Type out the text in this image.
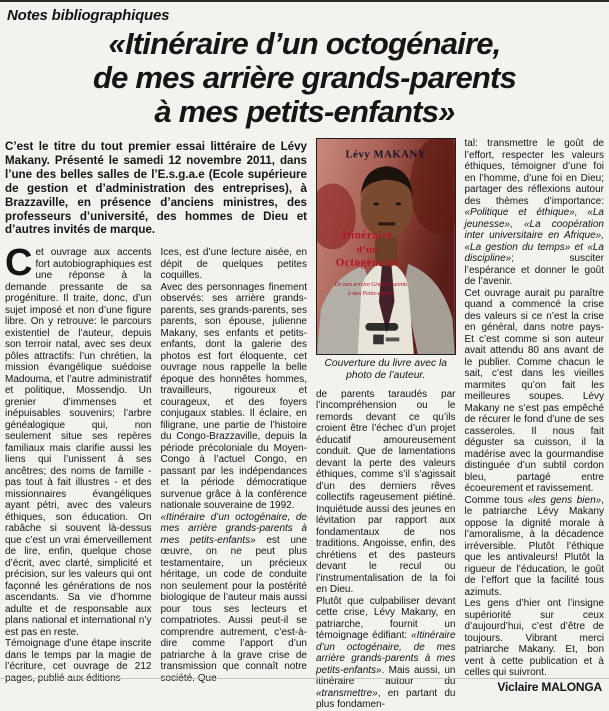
Notes bibliographiques
«Itinéraire d’un octogénaire,
de mes arrière grands-parents
à mes petits-enfants»
C’est le titre du tout premier essai littéraire de Lévy Makany. Présenté le samedi 12 novembre 2011, dans l’une des belles salles de l’E.s.g.a.e (Ecole supérieure de gestion et d’administration des entreprises), à Brazzaville, en présence d’anciens ministres, des professeurs d’université, des hommes de Dieu et d’autres invités de marque.

Cet ouvrage aux accents fort autobiographiques est une réponse à la demande pressante de sa progéniture. Il traite, donc, d’un sujet imposé et non d’une figure libre. On y retrouve: le parcours existentiel de l’auteur, depuis son terroir natal, avec ses deux pôles attractifs: l’un chrétien, la mission évangélique suédoise Madouma, et l’autre administratif et politique, Mossendjo. Un grenier d’immenses et inépuisables souvenirs; l’arbre généalogique qui, non seulement situe ses repères familiaux mais clarifie aussi les liens qui l’unissent à ses ancêtres; des noms de famille - pas tout à fait illustres - et des missionnaires évangéliques ayant pétri, avec des valeurs éthiques, son éducation. On rabâche si souvent là-dessus que c’est un vrai émerveillement de lire, enfin, quelque chose d’écrit, avec clarté, simplicité et précision, sur les valeurs qui ont façonné les générations de nos ascendants. Sa vie d’homme adulte et de responsable aux plans national et international n’y est pas en reste.

Témoignage d’une étape inscrite dans le temps par la magie de l’écriture, cet ouvrage de 212 pages, publié aux éditions

Ices, est d’une lecture aisée, en dépit de quelques petites coquilles.

Avec des personnages finement observés: ses arrière grands-parents, ses grands-parents, ses parents, son épouse, julienne Makany, ses enfants et petits-enfants, dont la galerie des photos est fort éloquente, cet ouvrage nous rappelle la belle époque des honnêtes hommes, travailleurs, rigoureux et courageux, et des foyers conjugaux stables. Il éclaire, en filigrane, une partie de l’histoire du Congo-Brazzaville, depuis la période précoloniale du Moyen-Congo à l’actuel Congo, en passant par les indépendances et la période démocratique survenue grâce à la conférence nationale souveraine de 1992.

«Itinéraire d’un octogénaire, de mes arrière grands-parents à mes petits-enfants» est une œuvre, on ne peut plus testamentaire, un précieux héritage, un code de conduite non seulement pour la postérité biologique de l’auteur mais aussi pour tous ses lecteurs et compatriotes. Aussi peut-il se comprendre autrement, c’est-à-dire comme l’apport d’un patriarche à la grave crise de transmission que connaît notre société. Que

Lévy MAKANY
Itinéraire
d’un
Octogénaire
De mes arrière Grands-parents
à mes Petits-enfants
Couverture du livre avec la photo de l’auteur.

de parents taraudés par l’incompréhension ou le remords devant ce qu’ils croient être l’échec d’un projet éducatif amoureusement conduit. Que de lamentations devant la perte des valeurs éthiques, comme s’il s’agissait d’un des derniers rêves collectifs rageusement piétiné. Inquiétude aussi des jeunes en lévitation par rapport aux fondamentaux de nos traditions. Angoisse, enfin, des chrétiens et des pasteurs devant le recul ou l’instrumentalisation de la foi en Dieu.

Plutôt que culpabiliser devant cette crise, Lévy Makany, en patriarche, fournit un témoignage édifiant: «Itinéraire d’un octogénaire, de mes arrière grands-parents à mes petits-enfants». Mais aussi, un itinéraire autour du «transmettre», en partant du plus fondamen-

tal: transmettre le goût de l’effort, respecter les valeurs éthiques, témoigner d’une foi en l’homme, d’une foi en Dieu; partager des réflexions autour des thèmes d’importance: «Politique et éthique», «La jeunesse», «La coopération inter universitaire en Afrique», «La gestion du temps» et «La discipline»; susciter l’espérance et donner le goût de l’avenir.

Cet ouvrage aurait pu paraître quand a commencé la crise des valeurs si ce n’est la crise en général, dans notre pays- Et c’est comme si son auteur avait attendu 80 ans avant de le publier. Comme chacun le sait, c’est dans les vieilles marmites qu’on fait les meilleures soupes. Lévy Makany ne s’est pas empêché de récurer le fond d’une de ses casseroles. Il nous fait déguster sa cuisson, il la madérise avec la gourmandise distinguée d’un subtil cordon bleu, partagé entre écoeurement et ravissement.

Comme tous «les gens bien», le patriarche Lévy Makany oppose la dignité morale à l’amoralisme, à la décadence irréversible. Plutôt l’éthique que les antivaleurs! Plutôt la rigueur de l’éducation, le goût de l’effort que la facilité tous azimuts.

Les gens d’hier ont l’insigne supériorité sur ceux d’aujourd’hui, c’est d’être de toujours. Vibrant merci patriarche Makany. Et, bon vent à cette publication et à celles qui suivront.

Viclaire MALONGA
